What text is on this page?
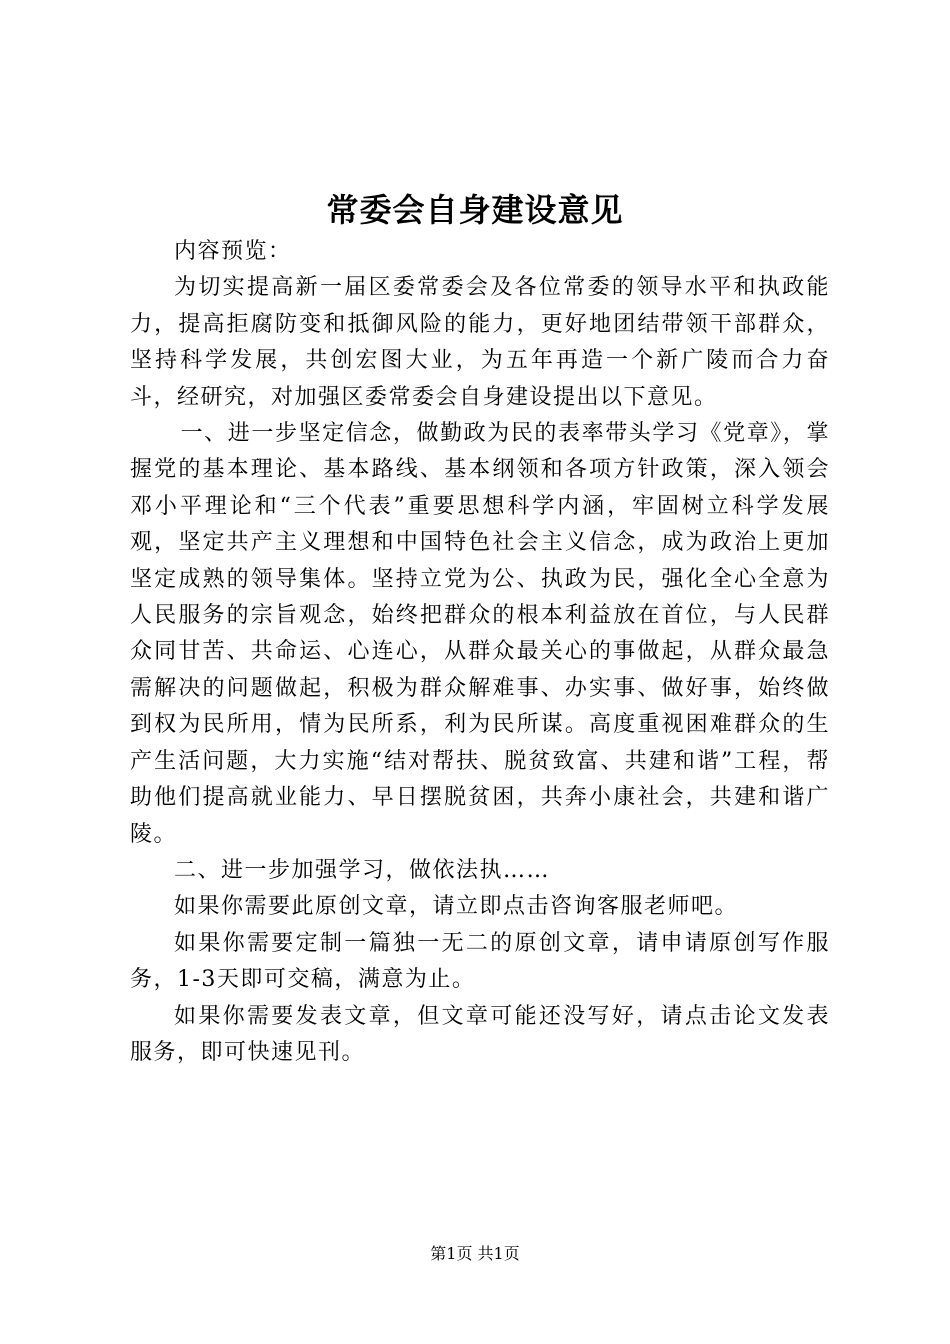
常委会自身建设意见

内容预览：

为切实提高新一届区委常委会及各位常委的领导水平和执政能力，提高拒腐防变和抵御风险的能力，更好地团结带领干部群众，坚持科学发展，共创宏图大业，为五年再造一个新广陵而合力奋斗，经研究，对加强区委常委会自身建设提出以下意见。

一、进一步坚定信念，做勤政为民的表率带头学习《党章》，掌握党的基本理论、基本路线、基本纲领和各项方针政策，深入领会邓小平理论和“三个代表”重要思想科学内涵，牢固树立科学发展观，坚定共产主义理想和中国特色社会主义信念，成为政治上更加坚定成熟的领导集体。坚持立党为公、执政为民，强化全心全意为人民服务的宗旨观念，始终把群众的根本利益放在首位，与人民群众同甘苦、共命运、心连心，从群众最关心的事做起，从群众最急需解决的问题做起，积极为群众解难事、办实事、做好事，始终做到权为民所用，情为民所系，利为民所谋。高度重视困难群众的生产生活问题，大力实施“结对帮扶、脱贫致富、共建和谐”工程，帮助他们提高就业能力、早日摆脱贫困，共奔小康社会，共建和谐广陵。

二、进一步加强学习，做依法执……

如果你需要此原创文章，请立即点击咨询客服老师吧。

如果你需要定制一篇独一无二的原创文章，请申请原创写作服务，1-3天即可交稿，满意为止。

如果你需要发表文章，但文章可能还没写好，请点击论文发表服务，即可快速见刊。

第1页 共1页
